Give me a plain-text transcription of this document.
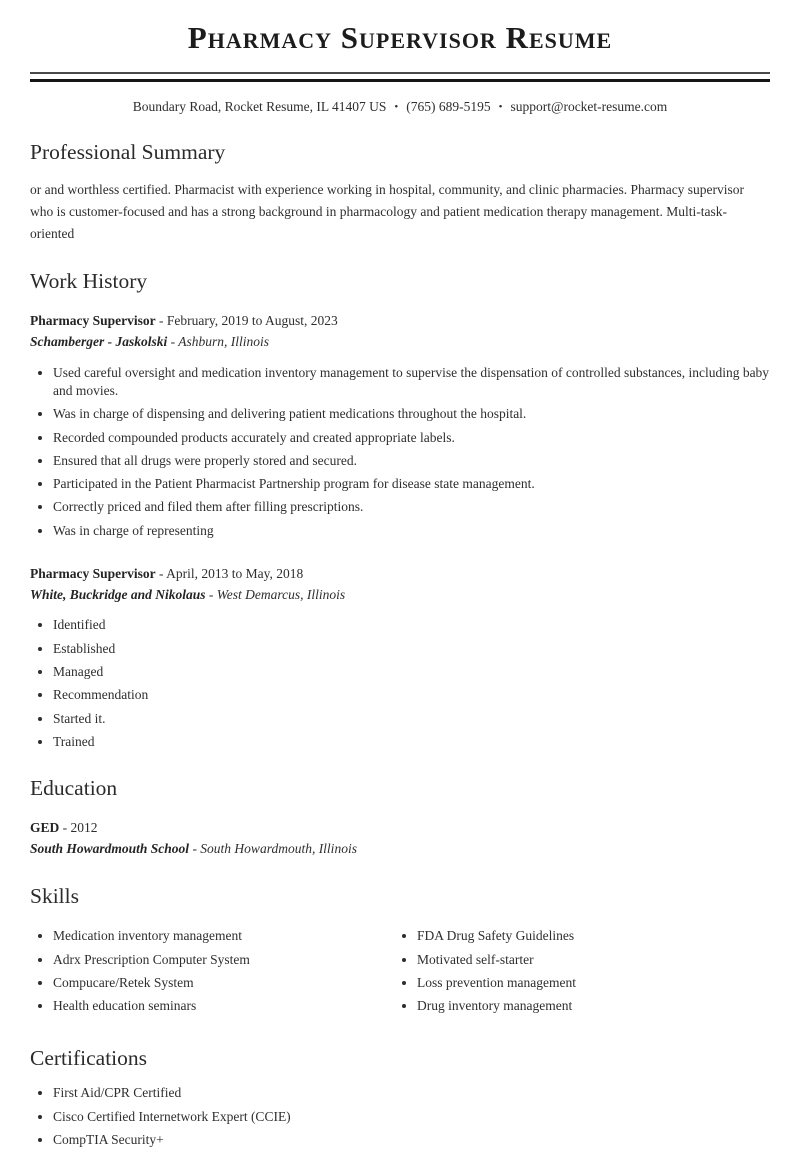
Pharmacy Supervisor Resume
Boundary Road, Rocket Resume, IL 41407 US • (765) 689-5195 • support@rocket-resume.com
Professional Summary

or and worthless certified. Pharmacist with experience working in hospital, community, and clinic pharmacies. Pharmacy supervisor who is customer-focused and has a strong background in pharmacology and patient medication therapy management. Multi-task-oriented

Work History

Pharmacy Supervisor - February, 2019 to August, 2023

Schamberger - Jaskolski - Ashburn, Illinois

• Used careful oversight and medication inventory management to supervise the dispensation of controlled substances, including baby and movies.
• Was in charge of dispensing and delivering patient medications throughout the hospital.
• Recorded compounded products accurately and created appropriate labels.
• Ensured that all drugs were properly stored and secured.
• Participated in the Patient Pharmacist Partnership program for disease state management.
• Correctly priced and filed them after filling prescriptions.
• Was in charge of representing

Pharmacy Supervisor - April, 2013 to May, 2018

White, Buckridge and Nikolaus - West Demarcus, Illinois

• Identified
• Established
• Managed
• Recommendation
• Started it.
• Trained
Education

GED - 2012

South Howardmouth School - South Howardmouth, Illinois

Skills
• Medication inventory management
• Adrx Prescription Computer System
• Compucare/Retek System
• Health education seminars
• FDA Drug Safety Guidelines
• Motivated self-starter
• Loss prevention management
• Drug inventory management
Certifications
• First Aid/CPR Certified
• Cisco Certified Internetwork Expert (CCIE)
• CompTIA Security+
